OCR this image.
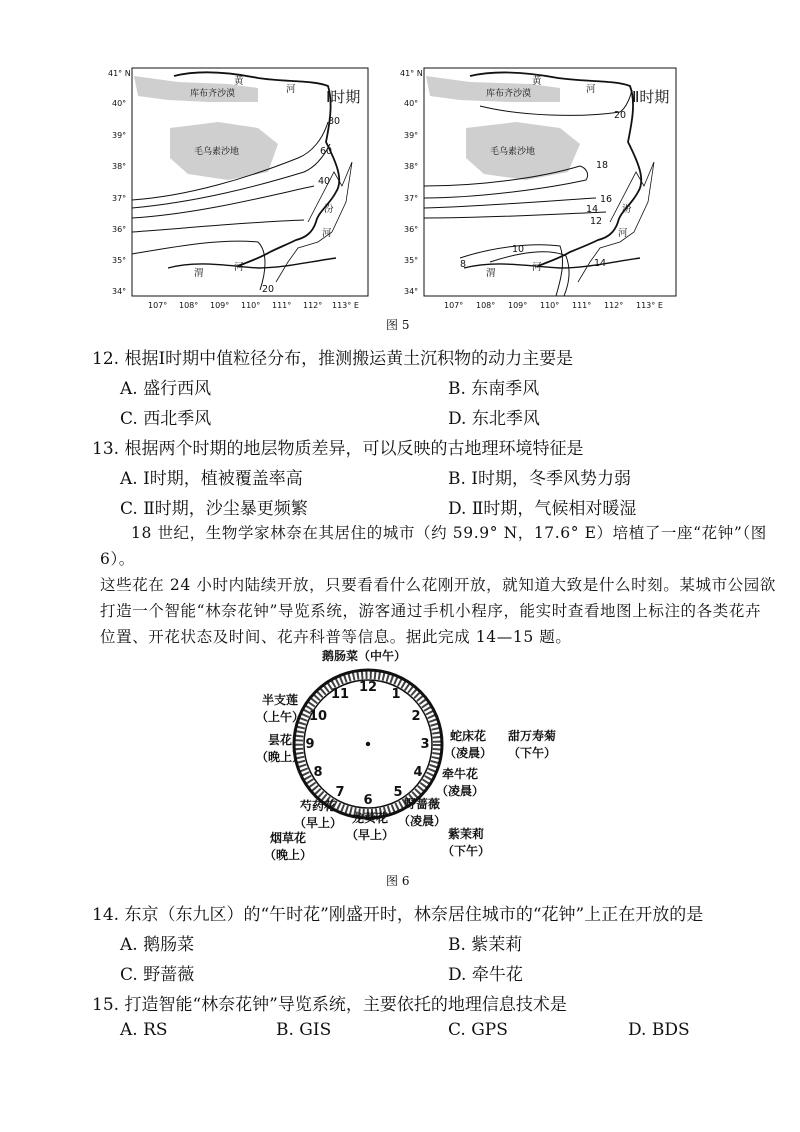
41° N
40°
39°
38°
37°
36°
35°
34°
107° 108° 109° 110° 111° 112° 113° E
Ⅰ时期
库布齐沙漠
毛乌素沙地
黄
河
汾
河
渭
河
80
60
40
20
41° N
40°
39°
38°
37°
36°
35°
34°
107° 108° 109° 110° 111° 112° 113° E
Ⅱ时期
库布齐沙漠
毛乌素沙地
黄
河
汾
河
渭
河
20
18
16
14
12
10
8	14
图 5
12. 根据Ⅰ时期中值粒径分布，推测搬运黄土沉积物的动力主要是
A. 盛行西风	B. 东南季风
C. 西北季风	D. 东北季风
13. 根据两个时期的地层物质差异，可以反映的古地理环境特征是
A. Ⅰ时期，植被覆盖率高	B. Ⅰ时期，冬季风势力弱
C. Ⅱ时期，沙尘暴更频繁	D. Ⅱ时期，气候相对暖湿
18 世纪，生物学家林奈在其居住的城市（约 59.9° N，17.6° E）培植了一座“花钟”（图 6）。
这些花在 24 小时内陆续开放，只要看看什么花刚开放，就知道大致是什么时刻。某城市公园欲
打造一个智能“林奈花钟”导览系统，游客通过手机小程序，能实时查看地图上标注的各类花卉
位置、开花状态及时间、花卉科普等信息。据此完成 14—15 题。
12 1
2
3
4
5
6
7
8
9
10
11
鹅肠菜（中午）
半支莲
（上午）
昙花
（晚上）
蛇床花
（凌晨）
甜万寿菊
（下午）
牵牛花
（凌晨）
野蔷薇
（凌晨）
芍药花
（早上） 龙葵花
（早上）	紫茉莉
（下午）
烟草花
（晚上）
图 6
14. 东京（东九区）的“午时花”刚盛开时，林奈居住城市的“花钟”上正在开放的是
A. 鹅肠菜	B. 紫茉莉
C. 野蔷薇	D. 牵牛花
15. 打造智能“林奈花钟”导览系统，主要依托的地理信息技术是
A. RS	B. GIS	C. GPS	D. BDS
